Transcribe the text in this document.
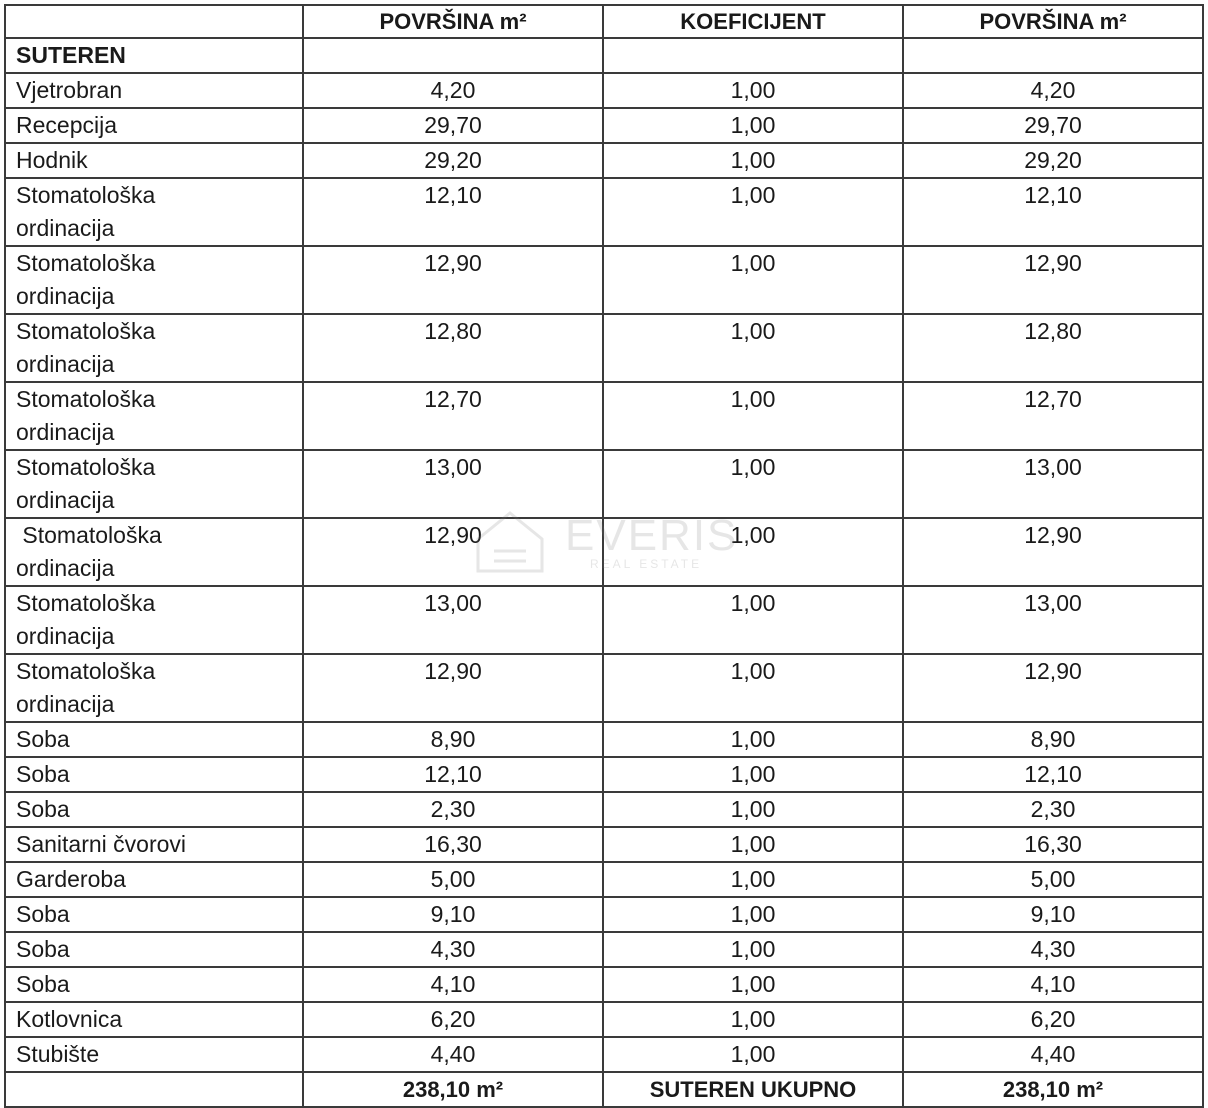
	POVRŠINA m²	KOEFICIJENT	POVRŠINA m²
SUTEREN			

Vjetrobran	4,20	1,00	4,20

Recepcija	29,70	1,00	29,70

Hodnik	29,20	1,00	29,20

Stomatološka
ordinacija	12,10	1,00	12,10

Stomatološka
ordinacija	12,90	1,00	12,90

Stomatološka
ordinacija	12,80	1,00	12,80

Stomatološka
ordinacija	12,70	1,00	12,70

Stomatološka
ordinacija	13,00	1,00	13,00

Stomatološka
ordinacija	12,90	1,00	12,90

Stomatološka
ordinacija	13,00	1,00	13,00

Stomatološka
ordinacija	12,90	1,00	12,90

Soba	8,90	1,00	8,90

Soba	12,10	1,00	12,10

Soba	2,30	1,00	2,30

Sanitarni čvorovi	16,30	1,00	16,30

Garderoba	5,00	1,00	5,00

Soba	9,10	1,00	9,10

Soba	4,30	1,00	4,30

Soba	4,10	1,00	4,10

Kotlovnica	6,20	1,00	6,20

Stubište	4,40	1,00	4,40
	238,10 m²	SUTEREN UKUPNO	238,10 m²
EVERIS
REAL ESTATE
